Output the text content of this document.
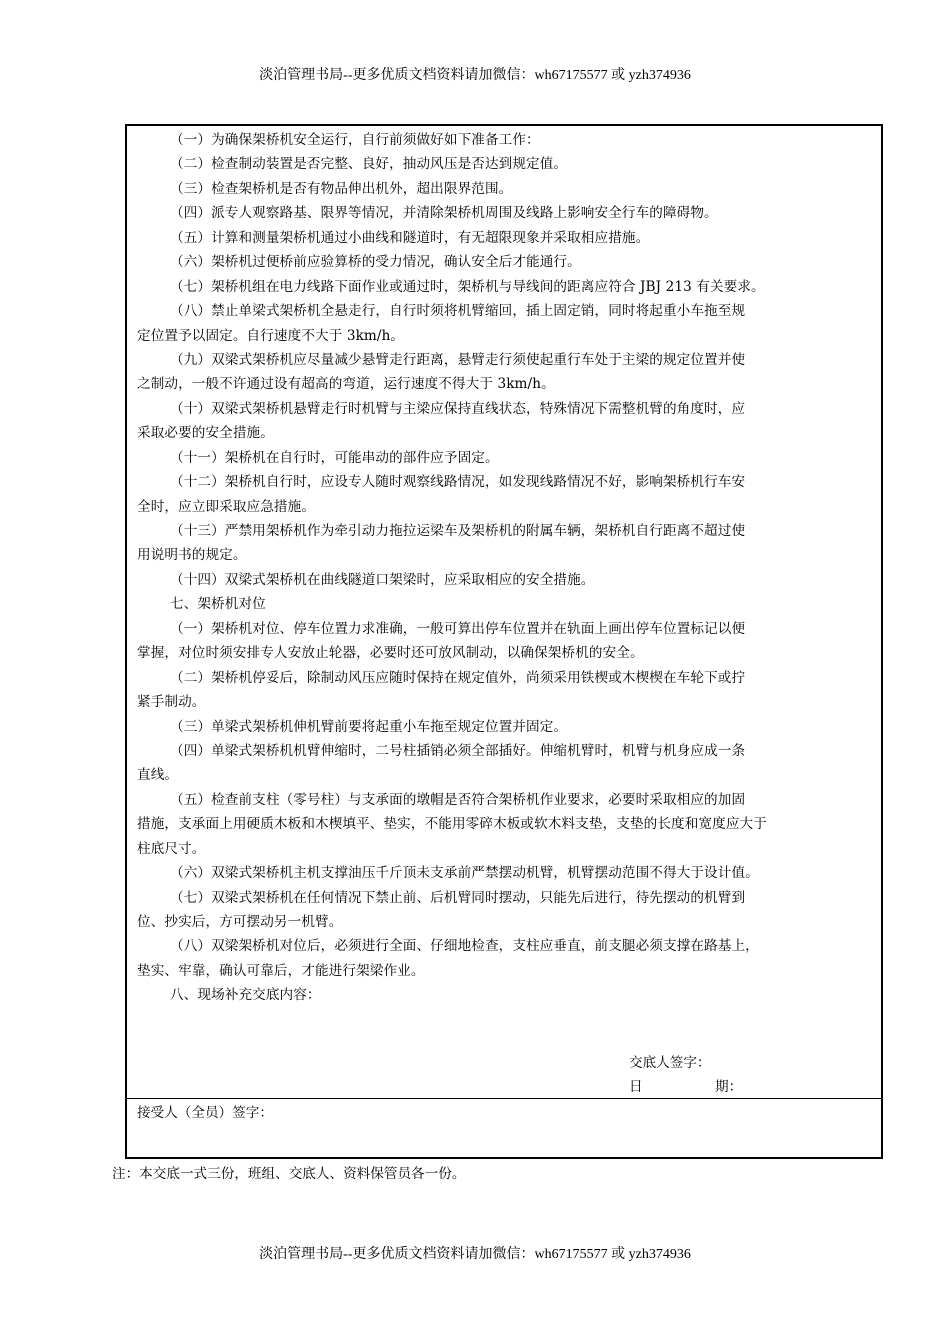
淡泊管理书局--更多优质文档资料请加微信：wh67175577 或 yzh374936
（一）为确保架桥机安全运行，自行前须做好如下准备工作：
（二）检查制动装置是否完整、良好，抽动风压是否达到规定值。
（三）检查架桥机是否有物品伸出机外，超出限界范围。
（四）派专人观察路基、限界等情况，并清除架桥机周围及线路上影响安全行车的障碍物。
（五）计算和测量架桥机通过小曲线和隧道时，有无超限现象并采取相应措施。
（六）架桥机过便桥前应验算桥的受力情况，确认安全后才能通行。
（七）架桥机组在电力线路下面作业或通过时，架桥机与导线间的距离应符合 JBJ 213 有关要求。
（八）禁止单梁式架桥机全悬走行，自行时须将机臂缩回，插上固定销，同时将起重小车拖至规
定位置予以固定。自行速度不大于 3km/h。
（九）双梁式架桥机应尽量减少悬臂走行距离，悬臂走行须使起重行车处于主梁的规定位置并使
之制动，一般不许通过设有超高的弯道，运行速度不得大于 3km/h。
（十）双梁式架桥机悬臂走行时机臂与主梁应保持直线状态，特殊情况下需整机臂的角度时，应
采取必要的安全措施。
（十一）架桥机在自行时，可能串动的部件应予固定。
（十二）架桥机自行时，应设专人随时观察线路情况，如发现线路情况不好，影响架桥机行车安
全时，应立即采取应急措施。
（十三）严禁用架桥机作为牵引动力拖拉运梁车及架桥机的附属车辆，架桥机自行距离不超过使
用说明书的规定。
（十四）双梁式架桥机在曲线隧道口架梁时，应采取相应的安全措施。
七、架桥机对位
（一）架桥机对位、停车位置力求准确，一般可算出停车位置并在轨面上画出停车位置标记以便
掌握，对位时须安排专人安放止轮器，必要时还可放风制动，以确保架桥机的安全。
（二）架桥机停妥后，除制动风压应随时保持在规定值外，尚须采用铁楔或木楔楔在车轮下或拧
紧手制动。
（三）单梁式架桥机伸机臂前要将起重小车拖至规定位置并固定。
（四）单梁式架桥机机臂伸缩时，二号柱插销必须全部插好。伸缩机臂时，机臂与机身应成一条
直线。
（五）检查前支柱（零号柱）与支承面的墩帽是否符合架桥机作业要求，必要时采取相应的加固
措施，支承面上用硬质木板和木楔填平、垫实，不能用零碎木板或软木料支垫，支垫的长度和宽度应大于
柱底尺寸。
（六）双梁式架桥机主机支撑油压千斤顶未支承前严禁摆动机臂，机臂摆动范围不得大于设计值。
（七）双梁式架桥机在任何情况下禁止前、后机臂同时摆动，只能先后进行，待先摆动的机臂到
位、抄实后，方可摆动另一机臂。
（八）双梁架桥机对位后，必须进行全面、仔细地检查，支柱应垂直，前支腿必须支撑在路基上，
垫实、牢靠，确认可靠后，才能进行架梁作业。
八、现场补充交底内容：
交底人签字：
日	期：
接受人（全员）签字：
注：本交底一式三份，班组、交底人、资料保管员各一份。
淡泊管理书局--更多优质文档资料请加微信：wh67175577 或 yzh374936
